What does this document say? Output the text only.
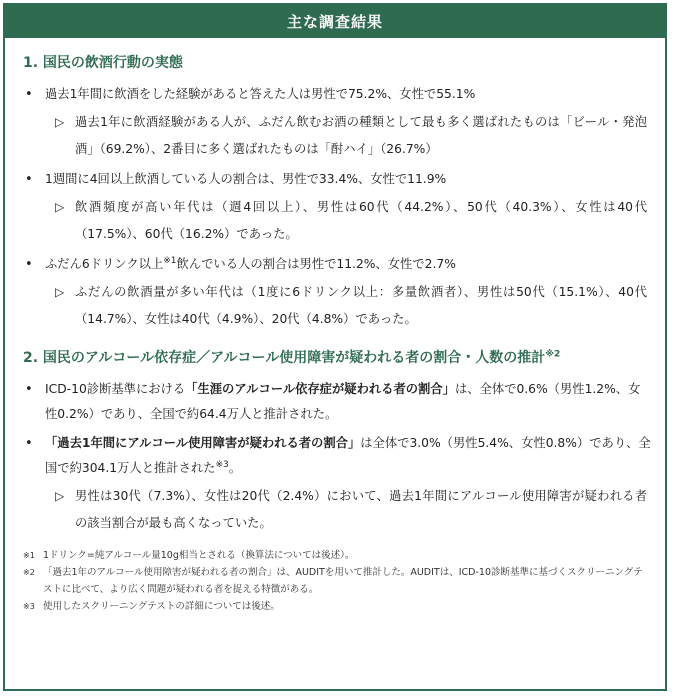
主な調査結果
1. 国民の飲酒行動の実態
• 過去1年間に飲酒をした経験があると答えた人は男性で75.2%、女性で55.1%
▷ 過去1年に飲酒経験がある人が、ふだん飲むお酒の種類として最も多く選ばれたものは「ビール・発泡酒」（69.2%）、2番目に多く選ばれたものは「酎ハイ」（26.7%）
• 1週間に4回以上飲酒している人の割合は、男性で33.4%、女性で11.9%
▷ 飲酒頻度が高い年代は（週4回以上）、男性は60代（44.2%）、50代（40.3%）、女性は40代（17.5%）、60代（16.2%）であった。
• ふだん6ドリンク以上$^{※1}$飲んでいる人の割合は男性で11.2%、女性で2.7%
▷ ふだんの飲酒量が多い年代は（1度に6ドリンク以上：多量飲酒者）、男性は50代（15.1%）、40代（14.7%）、女性は40代（4.9%）、20代（4.8%）であった。
2. 国民のアルコール依存症／アルコール使用障害が疑われる者の割合・人数の推計$^{※2}$
• ICD-10診断基準における「生涯のアルコール依存症が疑われる者の割合」は、全体で0.6%（男性1.2%、女性0.2%）であり、全国で約64.4万人と推計された。
• 「過去1年間にアルコール使用障害が疑われる者の割合」は全体で3.0%（男性5.4%、女性0.8%）であり、全国で約304.1万人と推計された$^{※3}$。
▷ 男性は30代（7.3%）、女性は20代（2.4%）において、過去1年間にアルコール使用障害が疑われる者の該当割合が最も高くなっていた。
※1 1ドリンク=純アルコール量10g相当とされる（換算法については後述）。
※2 「過去1年のアルコール使用障害が疑われる者の割合」は、AUDITを用いて推計した。AUDITは、ICD-10診断基準に基づくスクリーニングテストに比べて、より広く問題が疑われる者を捉える特徴がある。
※3 使用したスクリーニングテストの詳細については後述。
